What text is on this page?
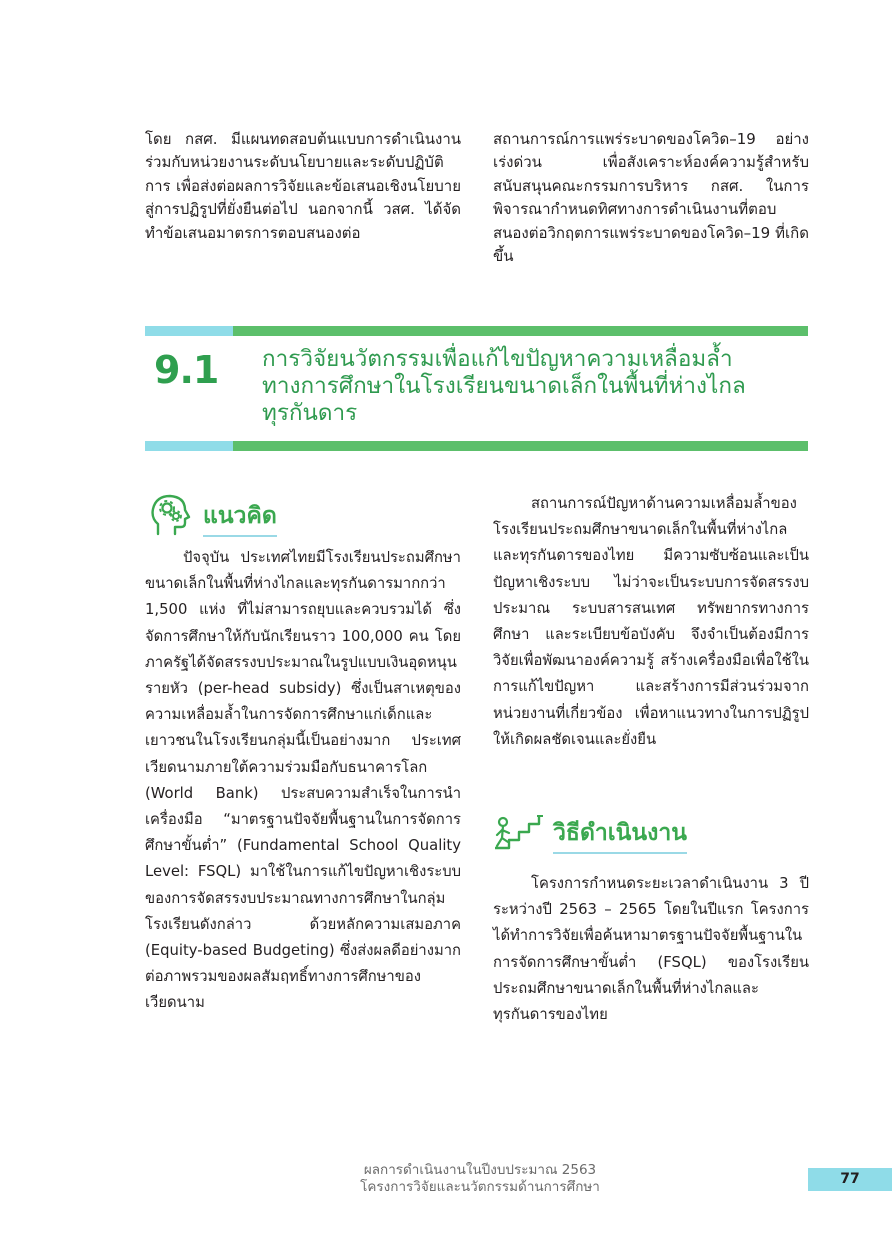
โดย กสศ. มีแผนทดสอบต้นแบบการดำเนินงานร่วมกับหน่วยงานระดับนโยบายและระดับปฏิบัติการ เพื่อส่งต่อผลการวิจัยและข้อเสนอเชิงนโยบาย สู่การปฏิรูปที่ยั่งยืนต่อไป นอกจากนี้ วสศ. ได้จัดทำข้อเสนอมาตรการตอบสนองต่อ

สถานการณ์การแพร่ระบาดของโควิด–19 อย่างเร่งด่วน เพื่อสังเคราะห์องค์ความรู้สำหรับสนับสนุนคณะกรรมการบริหาร กสศ. ในการพิจารณากำหนดทิศทางการดำเนินงานที่ตอบสนองต่อวิกฤตการแพร่ระบาดของโควิด–19 ที่เกิดขึ้น

9.1 การวิจัยนวัตกรรมเพื่อแก้ไขปัญหาความเหลื่อมล้ำทางการศึกษาในโรงเรียนขนาดเล็กในพื้นที่ห่างไกลทุรกันดาร
แนวคิด

ปัจจุบัน ประเทศไทยมีโรงเรียนประถมศึกษาขนาดเล็กในพื้นที่ห่างไกลและทุรกันดารมากกว่า 1,500 แห่ง ที่ไม่สามารถยุบและควบรวมได้ ซึ่งจัดการศึกษาให้กับนักเรียนราว 100,000 คน โดยภาครัฐได้จัดสรรงบประมาณในรูปแบบเงินอุดหนุนรายหัว (per-head subsidy) ซึ่งเป็นสาเหตุของความเหลื่อมล้ำในการจัดการศึกษาแก่เด็กและเยาวชนในโรงเรียนกลุ่มนี้เป็นอย่างมาก ประเทศเวียดนามภายใต้ความร่วมมือกับธนาคารโลก (World Bank) ประสบความสำเร็จในการนำเครื่องมือ “มาตรฐานปัจจัยพื้นฐานในการจัดการศึกษาขั้นต่ำ” (Fundamental School Quality Level: FSQL) มาใช้ในการแก้ไขปัญหาเชิงระบบของการจัดสรรงบประมาณทางการศึกษาในกลุ่มโรงเรียนดังกล่าว ด้วยหลักความเสมอภาค (Equity-based Budgeting) ซึ่งส่งผลดีอย่างมากต่อภาพรวมของผลสัมฤทธิ์ทางการศึกษาของเวียดนาม

สถานการณ์ปัญหาด้านความเหลื่อมล้ำของโรงเรียนประถมศึกษาขนาดเล็กในพื้นที่ห่างไกลและทุรกันดารของไทย มีความซับซ้อนและเป็นปัญหาเชิงระบบ ไม่ว่าจะเป็นระบบการจัดสรรงบประมาณ ระบบสารสนเทศ ทรัพยากรทางการศึกษา และระเบียบข้อบังคับ จึงจำเป็นต้องมีการวิจัยเพื่อพัฒนาองค์ความรู้ สร้างเครื่องมือเพื่อใช้ในการแก้ไขปัญหา และสร้างการมีส่วนร่วมจากหน่วยงานที่เกี่ยวข้อง เพื่อหาแนวทางในการปฏิรูปให้เกิดผลชัดเจนและยั่งยืน

วิธีดำเนินงาน

โครงการกำหนดระยะเวลาดำเนินงาน 3 ปี ระหว่างปี 2563 – 2565 โดยในปีแรก โครงการได้ทำการวิจัยเพื่อค้นหามาตรฐานปัจจัยพื้นฐานในการจัดการศึกษาขั้นต่ำ (FSQL) ของโรงเรียนประถมศึกษาขนาดเล็กในพื้นที่ห่างไกลและทุรกันดารของไทย

ผลการดำเนินงานในปีงบประมาณ 2563

โครงการวิจัยและนวัตกรรมด้านการศึกษา	77
